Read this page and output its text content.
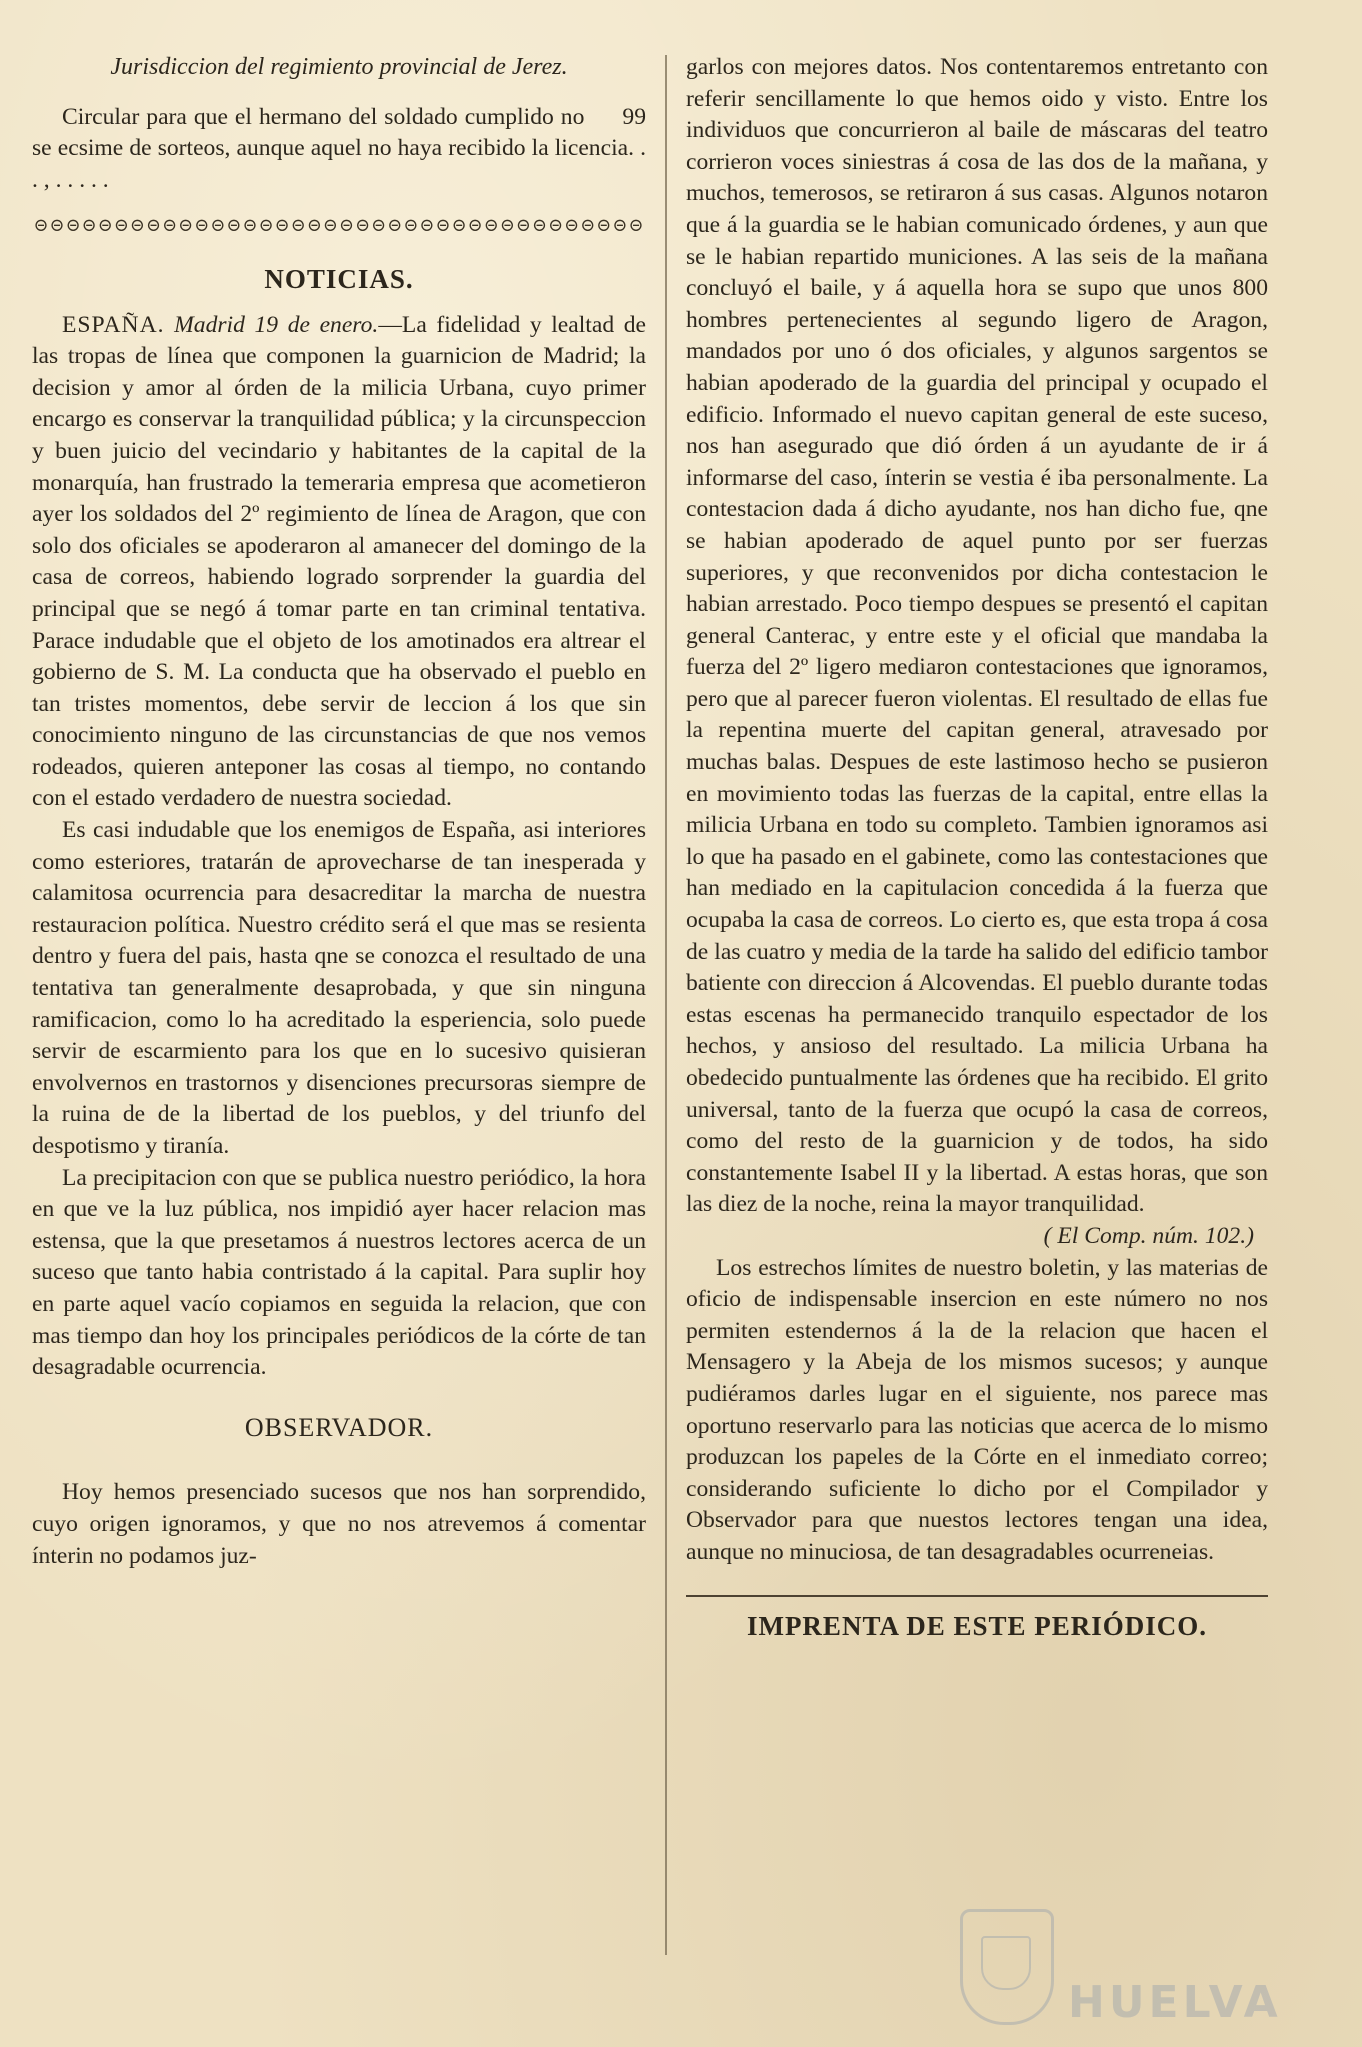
Jurisdiccion del regimiento provincial de Jerez.

99
Circular para que el hermano del soldado cumplido no se ecsime de sorteos, aunque aquel no haya recibido la licencia. . . , . . . . .

⊝⊝⊝⊝⊝⊝⊝⊝⊝⊝⊝⊝⊝⊝⊝⊝⊝⊝⊝⊝⊝⊝⊝⊝⊝⊝⊝⊝⊝⊝⊝⊝⊝⊝⊝⊝⊝⊝
NOTICIAS.

ESPAÑA. Madrid 19 de enero.—La fidelidad y lealtad de las tropas de línea que componen la guarnicion de Madrid; la decision y amor al órden de la milicia Urbana, cuyo primer encargo es conservar la tranquilidad pública; y la circunspeccion y buen juicio del vecindario y habitantes de la capital de la monarquía, han frustrado la temeraria empresa que acometieron ayer los soldados del 2º regimiento de línea de Aragon, que con solo dos oficiales se apoderaron al amanecer del domingo de la casa de correos, habiendo logrado sorprender la guardia del principal que se negó á tomar parte en tan criminal tentativa. Parace indudable que el objeto de los amotinados era altrear el gobierno de S. M. La conducta que ha observado el pueblo en tan tristes momentos, debe servir de leccion á los que sin conocimiento ninguno de las circunstancias de que nos vemos rodeados, quieren anteponer las cosas al tiempo, no contando con el estado verdadero de nuestra sociedad.

Es casi indudable que los enemigos de España, asi interiores como esteriores, tratarán de aprovecharse de tan inesperada y calamitosa ocurrencia para desacreditar la marcha de nuestra restauracion política. Nuestro crédito será el que mas se resienta dentro y fuera del pais, hasta qne se conozca el resultado de una tentativa tan generalmente desaprobada, y que sin ninguna ramificacion, como lo ha acreditado la esperiencia, solo puede servir de escarmiento para los que en lo sucesivo quisieran envolvernos en trastornos y disenciones precursoras siempre de la ruina de de la libertad de los pueblos, y del triunfo del despotismo y tiranía.

La precipitacion con que se publica nuestro periódico, la hora en que ve la luz pública, nos impidió ayer hacer relacion mas estensa, que la que presetamos á nuestros lectores acerca de un suceso que tanto habia contristado á la capital. Para suplir hoy en parte aquel vacío copiamos en seguida la relacion, que con mas tiempo dan hoy los principales periódicos de la córte de tan desagradable ocurrencia.

OBSERVADOR.

Hoy hemos presenciado sucesos que nos han sorprendido, cuyo origen ignoramos, y que no nos atrevemos á comentar ínterin no podamos juz-

garlos con mejores datos. Nos contentaremos entretanto con referir sencillamente lo que hemos oido y visto. Entre los individuos que concurrieron al baile de máscaras del teatro corrieron voces siniestras á cosa de las dos de la mañana, y muchos, temerosos, se retiraron á sus casas. Algunos notaron que á la guardia se le habian comunicado órdenes, y aun que se le habian repartido municiones. A las seis de la mañana concluyó el baile, y á aquella hora se supo que unos 800 hombres pertenecientes al segundo ligero de Aragon, mandados por uno ó dos oficiales, y algunos sargentos se habian apoderado de la guardia del principal y ocupado el edificio. Informado el nuevo capitan general de este suceso, nos han asegurado que dió órden á un ayudante de ir á informarse del caso, ínterin se vestia é iba personalmente. La contestacion dada á dicho ayudante, nos han dicho fue, qne se habian apoderado de aquel punto por ser fuerzas superiores, y que reconvenidos por dicha contestacion le habian arrestado. Poco tiempo despues se presentó el capitan general Canterac, y entre este y el oficial que mandaba la fuerza del 2º ligero mediaron contestaciones que ignoramos, pero que al parecer fueron violentas. El resultado de ellas fue la repentina muerte del capitan general, atravesado por muchas balas. Despues de este lastimoso hecho se pusieron en movimiento todas las fuerzas de la capital, entre ellas la milicia Urbana en todo su completo. Tambien ignoramos asi lo que ha pasado en el gabinete, como las contestaciones que han mediado en la capitulacion concedida á la fuerza que ocupaba la casa de correos. Lo cierto es, que esta tropa á cosa de las cuatro y media de la tarde ha salido del edificio tambor batiente con direccion á Alcovendas. El pueblo durante todas estas escenas ha permanecido tranquilo espectador de los hechos, y ansioso del resultado. La milicia Urbana ha obedecido puntualmente las órdenes que ha recibido. El grito universal, tanto de la fuerza que ocupó la casa de correos, como del resto de la guarnicion y de todos, ha sido constantemente Isabel II y la libertad. A estas horas, que son las diez de la noche, reina la mayor tranquilidad.

( El Comp. núm. 102.)

Los estrechos límites de nuestro boletin, y las materias de oficio de indispensable insercion en este número no nos permiten estendernos á la de la relacion que hacen el Mensagero y la Abeja de los mismos sucesos; y aunque pudiéramos darles lugar en el siguiente, nos parece mas oportuno reservarlo para las noticias que acerca de lo mismo produzcan los papeles de la Córte en el inmediato correo; considerando suficiente lo dicho por el Compilador y Observador para que nuestos lectores tengan una idea, aunque no minuciosa, de tan desagradables ocurreneias.

IMPRENTA DE ESTE PERIÓDICO.
HUELVA
